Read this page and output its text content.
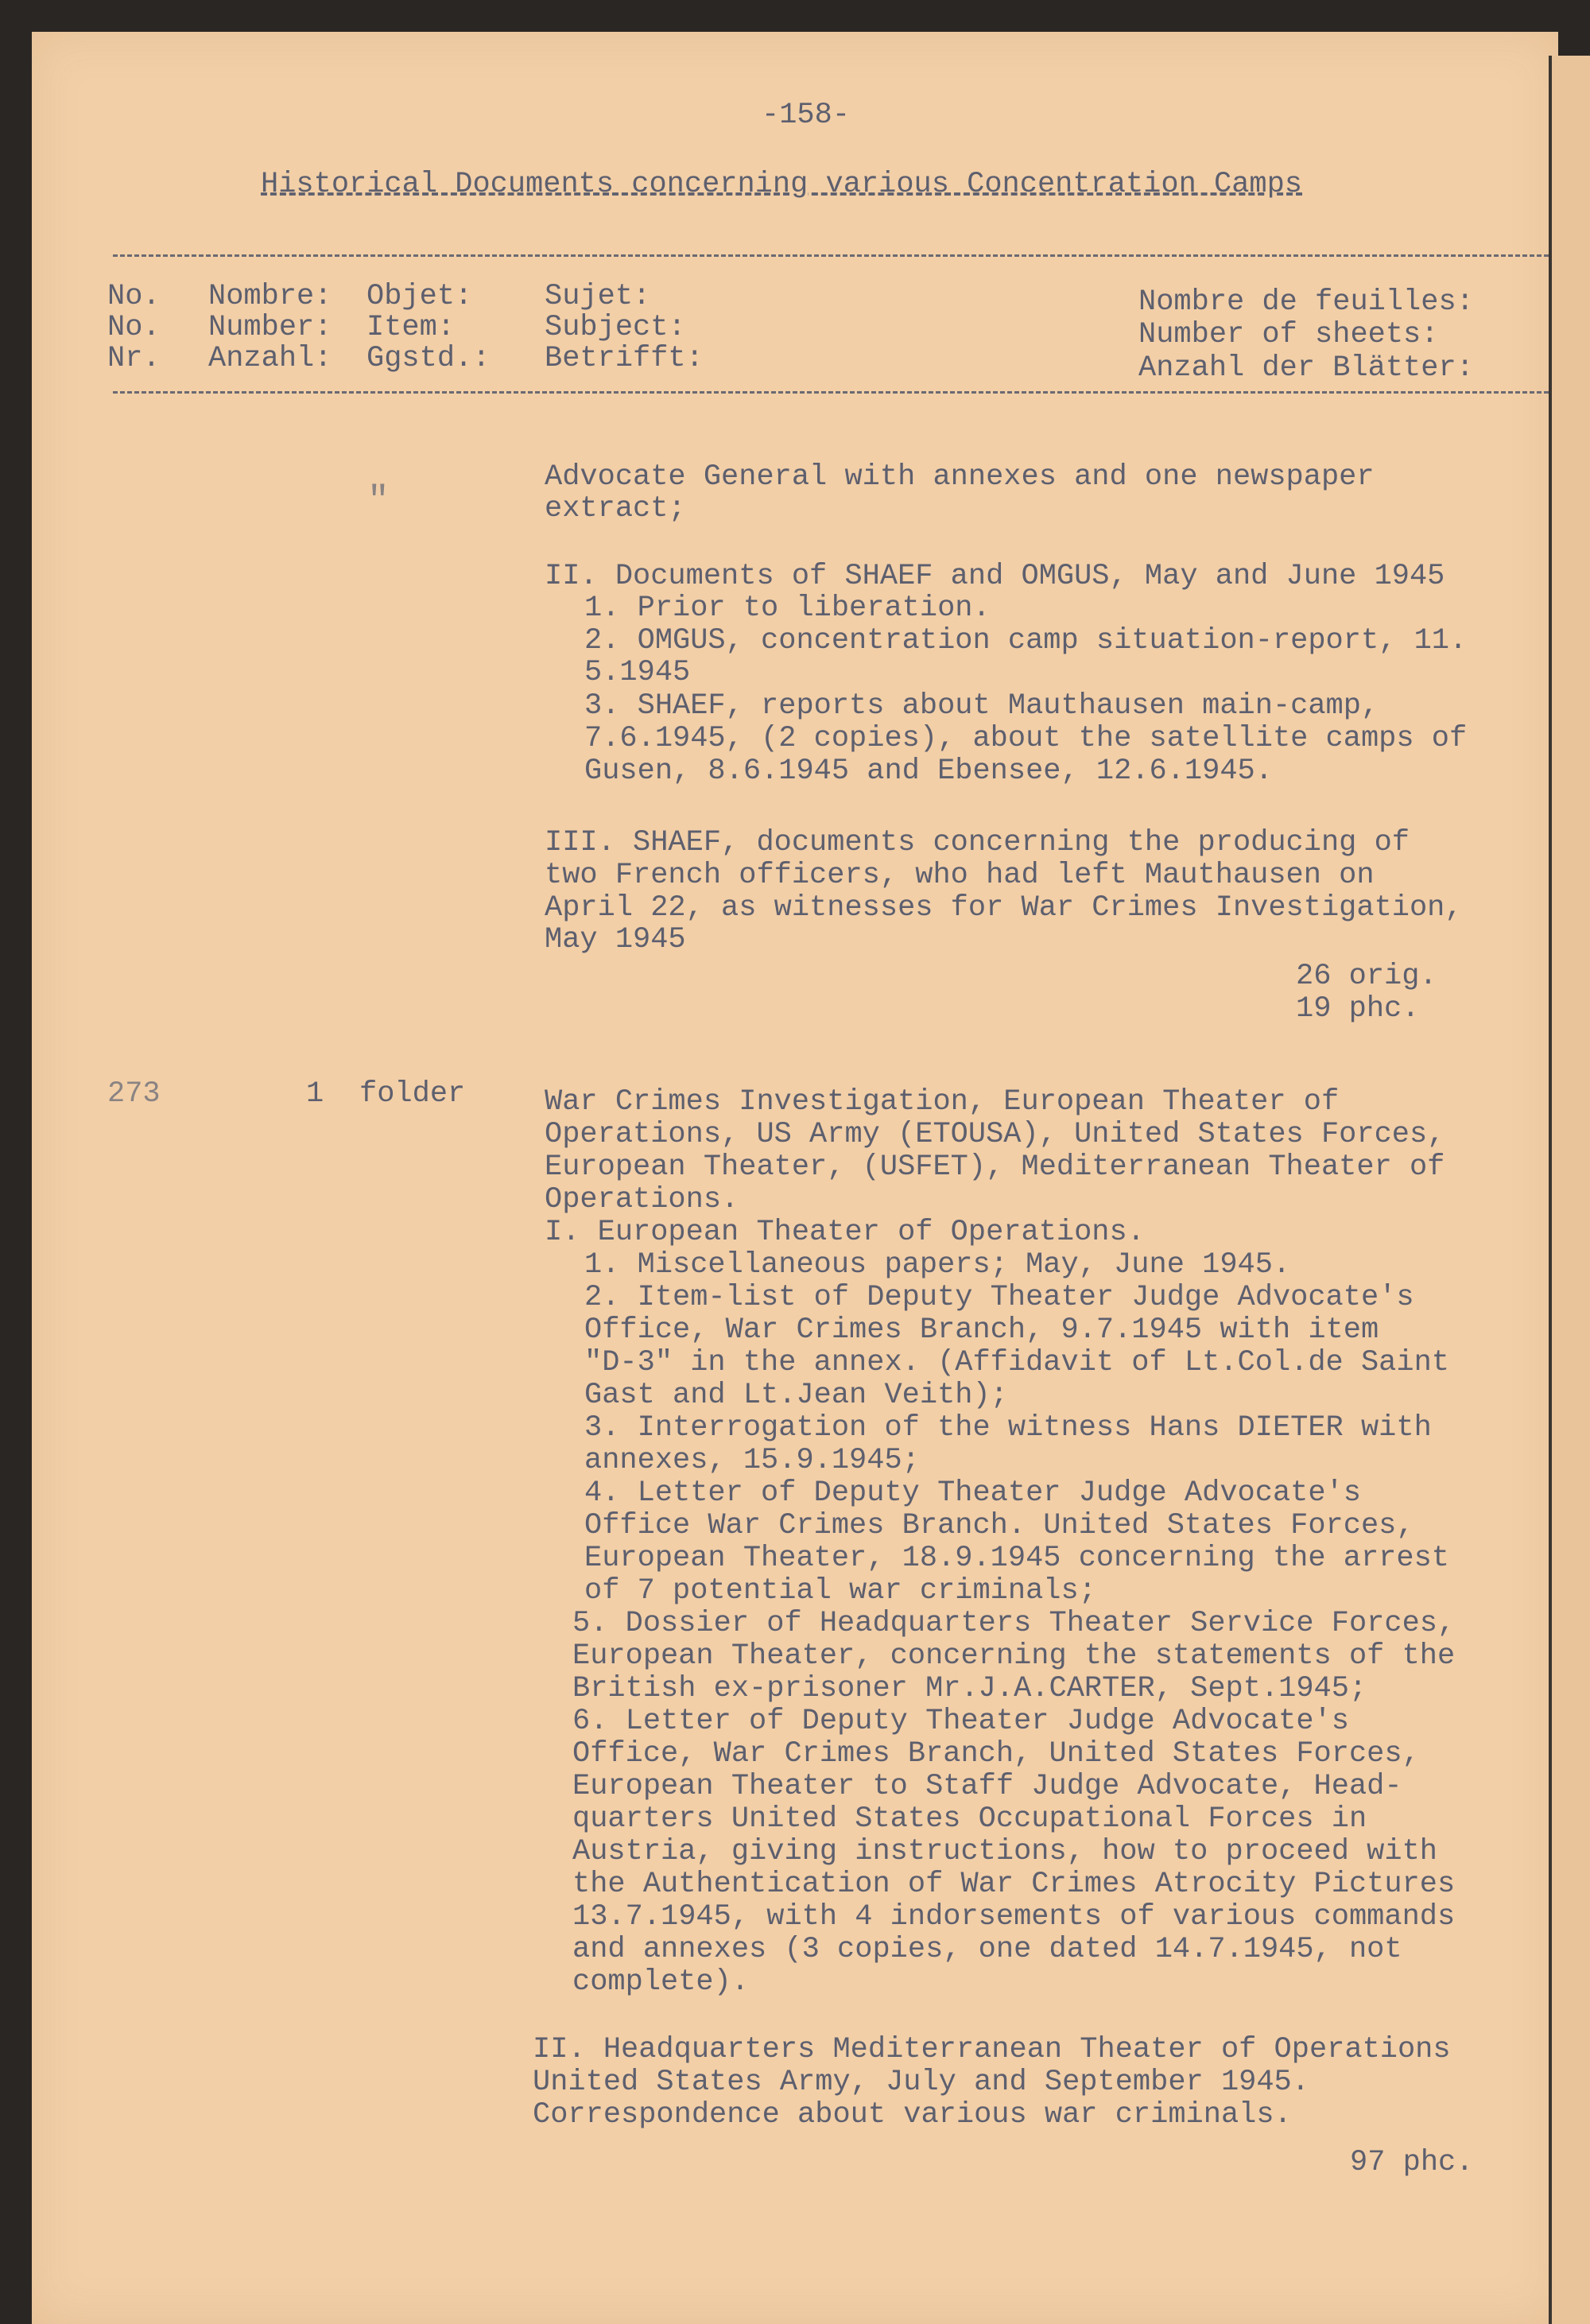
-158-
Historical Documents concerning various Concentration Camps
No. Nombre: Objet: Sujet:	Nombre de feuilles:
No. Number: Item:	Subject:	Number of sheets:
Nr. Anzahl: Ggstd.: Betrifft:	Anzahl der Blätter:
"
Advocate General with annexes and one newspaper
extract;
II. Documents of SHAEF and OMGUS, May and June 1945
1. Prior to liberation.
2. OMGUS, concentration camp situation-report, 11.
5.1945
3. SHAEF, reports about Mauthausen main-camp,
7.6.1945, (2 copies), about the satellite camps of
Gusen, 8.6.1945 and Ebensee, 12.6.1945.
III. SHAEF, documents concerning the producing of
two French officers, who had left Mauthausen on
April 22, as witnesses for War Crimes Investigation,
May 1945
26 orig.
19 phc.
273	1 folder	War Crimes Investigation, European Theater of
Operations, US Army (ETOUSA), United States Forces,
European Theater, (USFET), Mediterranean Theater of
Operations.
I. European Theater of Operations.
1. Miscellaneous papers; May, June 1945.
2. Item-list of Deputy Theater Judge Advocate's
Office, War Crimes Branch, 9.7.1945 with item
"D-3" in the annex. (Affidavit of Lt.Col.de Saint
Gast and Lt.Jean Veith);
3. Interrogation of the witness Hans DIETER with
annexes, 15.9.1945;
4. Letter of Deputy Theater Judge Advocate's
Office War Crimes Branch. United States Forces,
European Theater, 18.9.1945 concerning the arrest
of 7 potential war criminals;
5. Dossier of Headquarters Theater Service Forces,
European Theater, concerning the statements of the
British ex-prisoner Mr.J.A.CARTER, Sept.1945;
6. Letter of Deputy Theater Judge Advocate's
Office, War Crimes Branch, United States Forces,
European Theater to Staff Judge Advocate, Head-
quarters United States Occupational Forces in
Austria, giving instructions, how to proceed with
the Authentication of War Crimes Atrocity Pictures
13.7.1945, with 4 indorsements of various commands
and annexes (3 copies, one dated 14.7.1945, not
complete).
II. Headquarters Mediterranean Theater of Operations
United States Army, July and September 1945.
Correspondence about various war criminals.
97 phc.
